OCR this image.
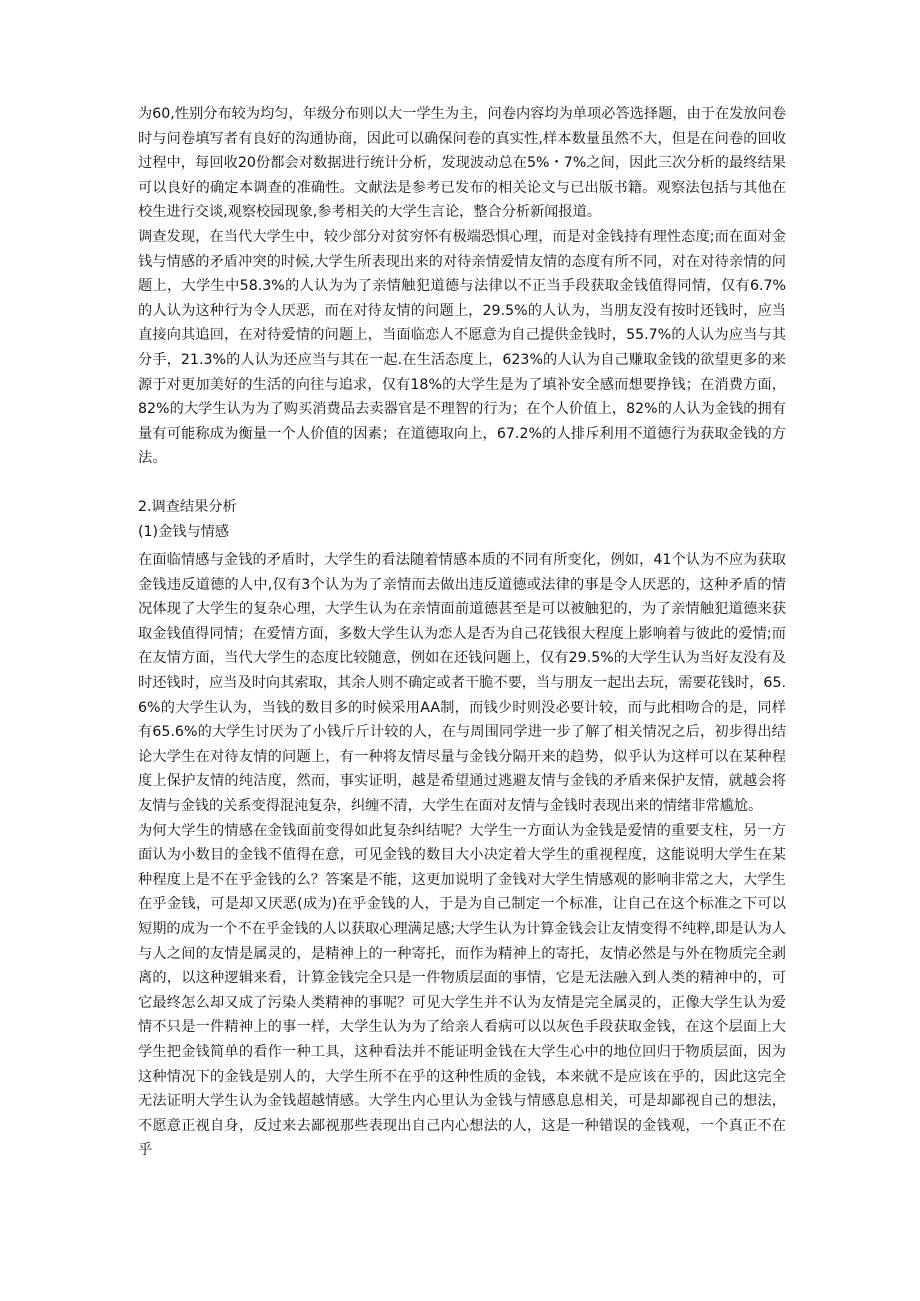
为60,性别分布较为均匀，年级分布则以大一学生为主，问卷内容均为单项必答选择题，由于在发放问卷时与问卷填写者有良好的沟通协商，因此可以确保问卷的真实性,样本数量虽然不大，但是在问卷的回收过程中，每回收20份都会对数据进行统计分析，发现波动总在5%・7%之间，因此三次分析的最终结果可以良好的确定本调查的准确性。文献法是参考已发布的相关论文与已出版书籍。观察法包括与其他在校生进行交谈,观察校园现象,参考相关的大学生言论，整合分析新闻报道。

调查发现，在当代大学生中，较少部分对贫穷怀有极端恐惧心理，而是对金钱持有理性态度;而在面对金钱与情感的矛盾冲突的时候,大学生所表现出来的对待亲情爱情友情的态度有所不同，对在对待亲情的问题上，大学生中58.3%的人认为为了亲情触犯道德与法律以不正当手段获取金钱值得同情，仅有6.7%的人认为这种行为令人厌恶，而在对待友情的问题上，29.5%的人认为，当朋友没有按时还钱时，应当直接向其追回，在对待爱情的问题上，当面临恋人不愿意为自己提供金钱时，55.7%的人认为应当与其分手，21.3%的人认为还应当与其在一起.在生活态度上，623%的人认为自己赚取金钱的欲望更多的来源于对更加美好的生活的向往与追求，仅有18%的大学生是为了填补安全感而想要挣钱；在消费方面，82%的大学生认为为了购买消费品去卖器官是不理智的行为；在个人价值上，82%的人认为金钱的拥有量有可能称成为衡量一个人价值的因素；在道德取向上，67.2%的人排斥利用不道德行为获取金钱的方法。

2.调查结果分析

(1)金钱与情感

在面临情感与金钱的矛盾时，大学生的看法随着情感本质的不同有所变化，例如，41个认为不应为获取金钱违反道德的人中,仅有3个认为为了亲情而去做出违反道德或法律的事是令人厌恶的，这种矛盾的情况体现了大学生的复杂心理，大学生认为在亲情面前道德甚至是可以被触犯的，为了亲情触犯道德来获取金钱值得同情；在爱情方面，多数大学生认为恋人是否为自己花钱很大程度上影响着与彼此的爱情;而在友情方面，当代大学生的态度比较随意，例如在还钱问题上，仅有29.5%的大学生认为当好友没有及时还钱时，应当及时向其索取，其余人则不确定或者干脆不要，当与朋友一起出去玩，需要花钱时，65.6%的大学生认为，当钱的数目多的时候采用AA制，而钱少时则没必要计较，而与此相吻合的是，同样有65.6%的大学生讨厌为了小钱斤斤计较的人，在与周围同学进一步了解了相关情况之后，初步得出结论大学生在对待友情的问题上，有一种将友情尽量与金钱分隔开来的趋势，似乎认为这样可以在某种程度上保护友情的纯洁度，然而，事实证明，越是希望通过逃避友情与金钱的矛盾来保护友情，就越会将友情与金钱的关系变得混沌复杂，纠缠不清，大学生在面对友情与金钱时表现出来的情绪非常尴尬。

为何大学生的情感在金钱面前变得如此复杂纠结呢？大学生一方面认为金钱是爱情的重要支柱，另一方面认为小数目的金钱不值得在意，可见金钱的数目大小决定着大学生的重视程度，这能说明大学生在某种程度上是不在乎金钱的么？答案是不能，这更加说明了金钱对大学生情感观的影响非常之大，大学生在乎金钱，可是却又厌恶(成为)在乎金钱的人，于是为自己制定一个标准，让自己在这个标准之下可以短期的成为一个不在乎金钱的人以获取心理满足感;大学生认为计算金钱会让友情变得不纯粹,即是认为人与人之间的友情是属灵的，是精神上的一种寄托，而作为精神上的寄托，友情必然是与外在物质完全剥离的，以这种逻辑来看，计算金钱完全只是一件物质层面的事情，它是无法融入到人类的精神中的，可它最终怎么却又成了污染人类精神的事呢？可见大学生并不认为友情是完全属灵的，正像大学生认为爱情不只是一件精神上的事一样，大学生认为为了给亲人看病可以以灰色手段获取金钱，在这个层面上大学生把金钱简单的看作一种工具，这种看法并不能证明金钱在大学生心中的地位回归于物质层面，因为这种情况下的金钱是别人的，大学生所不在乎的这种性质的金钱，本来就不是应该在乎的，因此这完全无法证明大学生认为金钱超越情感。大学生内心里认为金钱与情感息息相关，可是却鄙视自己的想法，不愿意正视自身，反过来去鄙视那些表现出自己内心想法的人，这是一种错误的金钱观，一个真正不在乎
